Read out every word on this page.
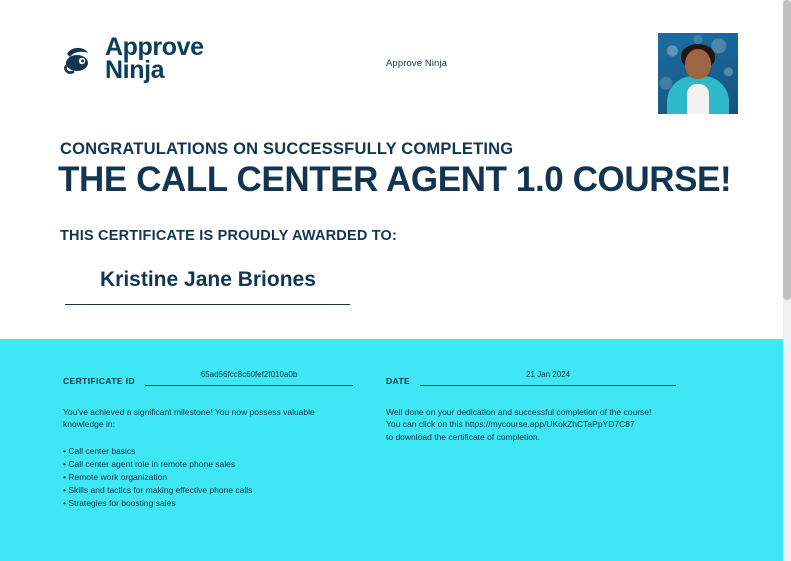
Approve
Ninja	Approve Ninja
CONGRATULATIONS ON SUCCESSFULLY COMPLETING
THE CALL CENTER AGENT 1.0 COURSE!
THIS CERTIFICATE IS PROUDLY AWARDED TO:
Kristine Jane Briones
CERTIFICATE ID
65ad56fcc8c60fef2f010a0b
You've achieved a significant milestone! You now possess valuable knowledge in:
• Call center basics
• Call center agent role in remote phone sales
• Remote work organization
• Skills and tactics for making effective phone calls
• Strategies for boosting sales
DATE
21 Jan 2024
Well done on your dedication and successful completion of the course!
You can click on this https://mycourse.app/UKokZhCTaPpYD7C87
to download the certificate of completion.
